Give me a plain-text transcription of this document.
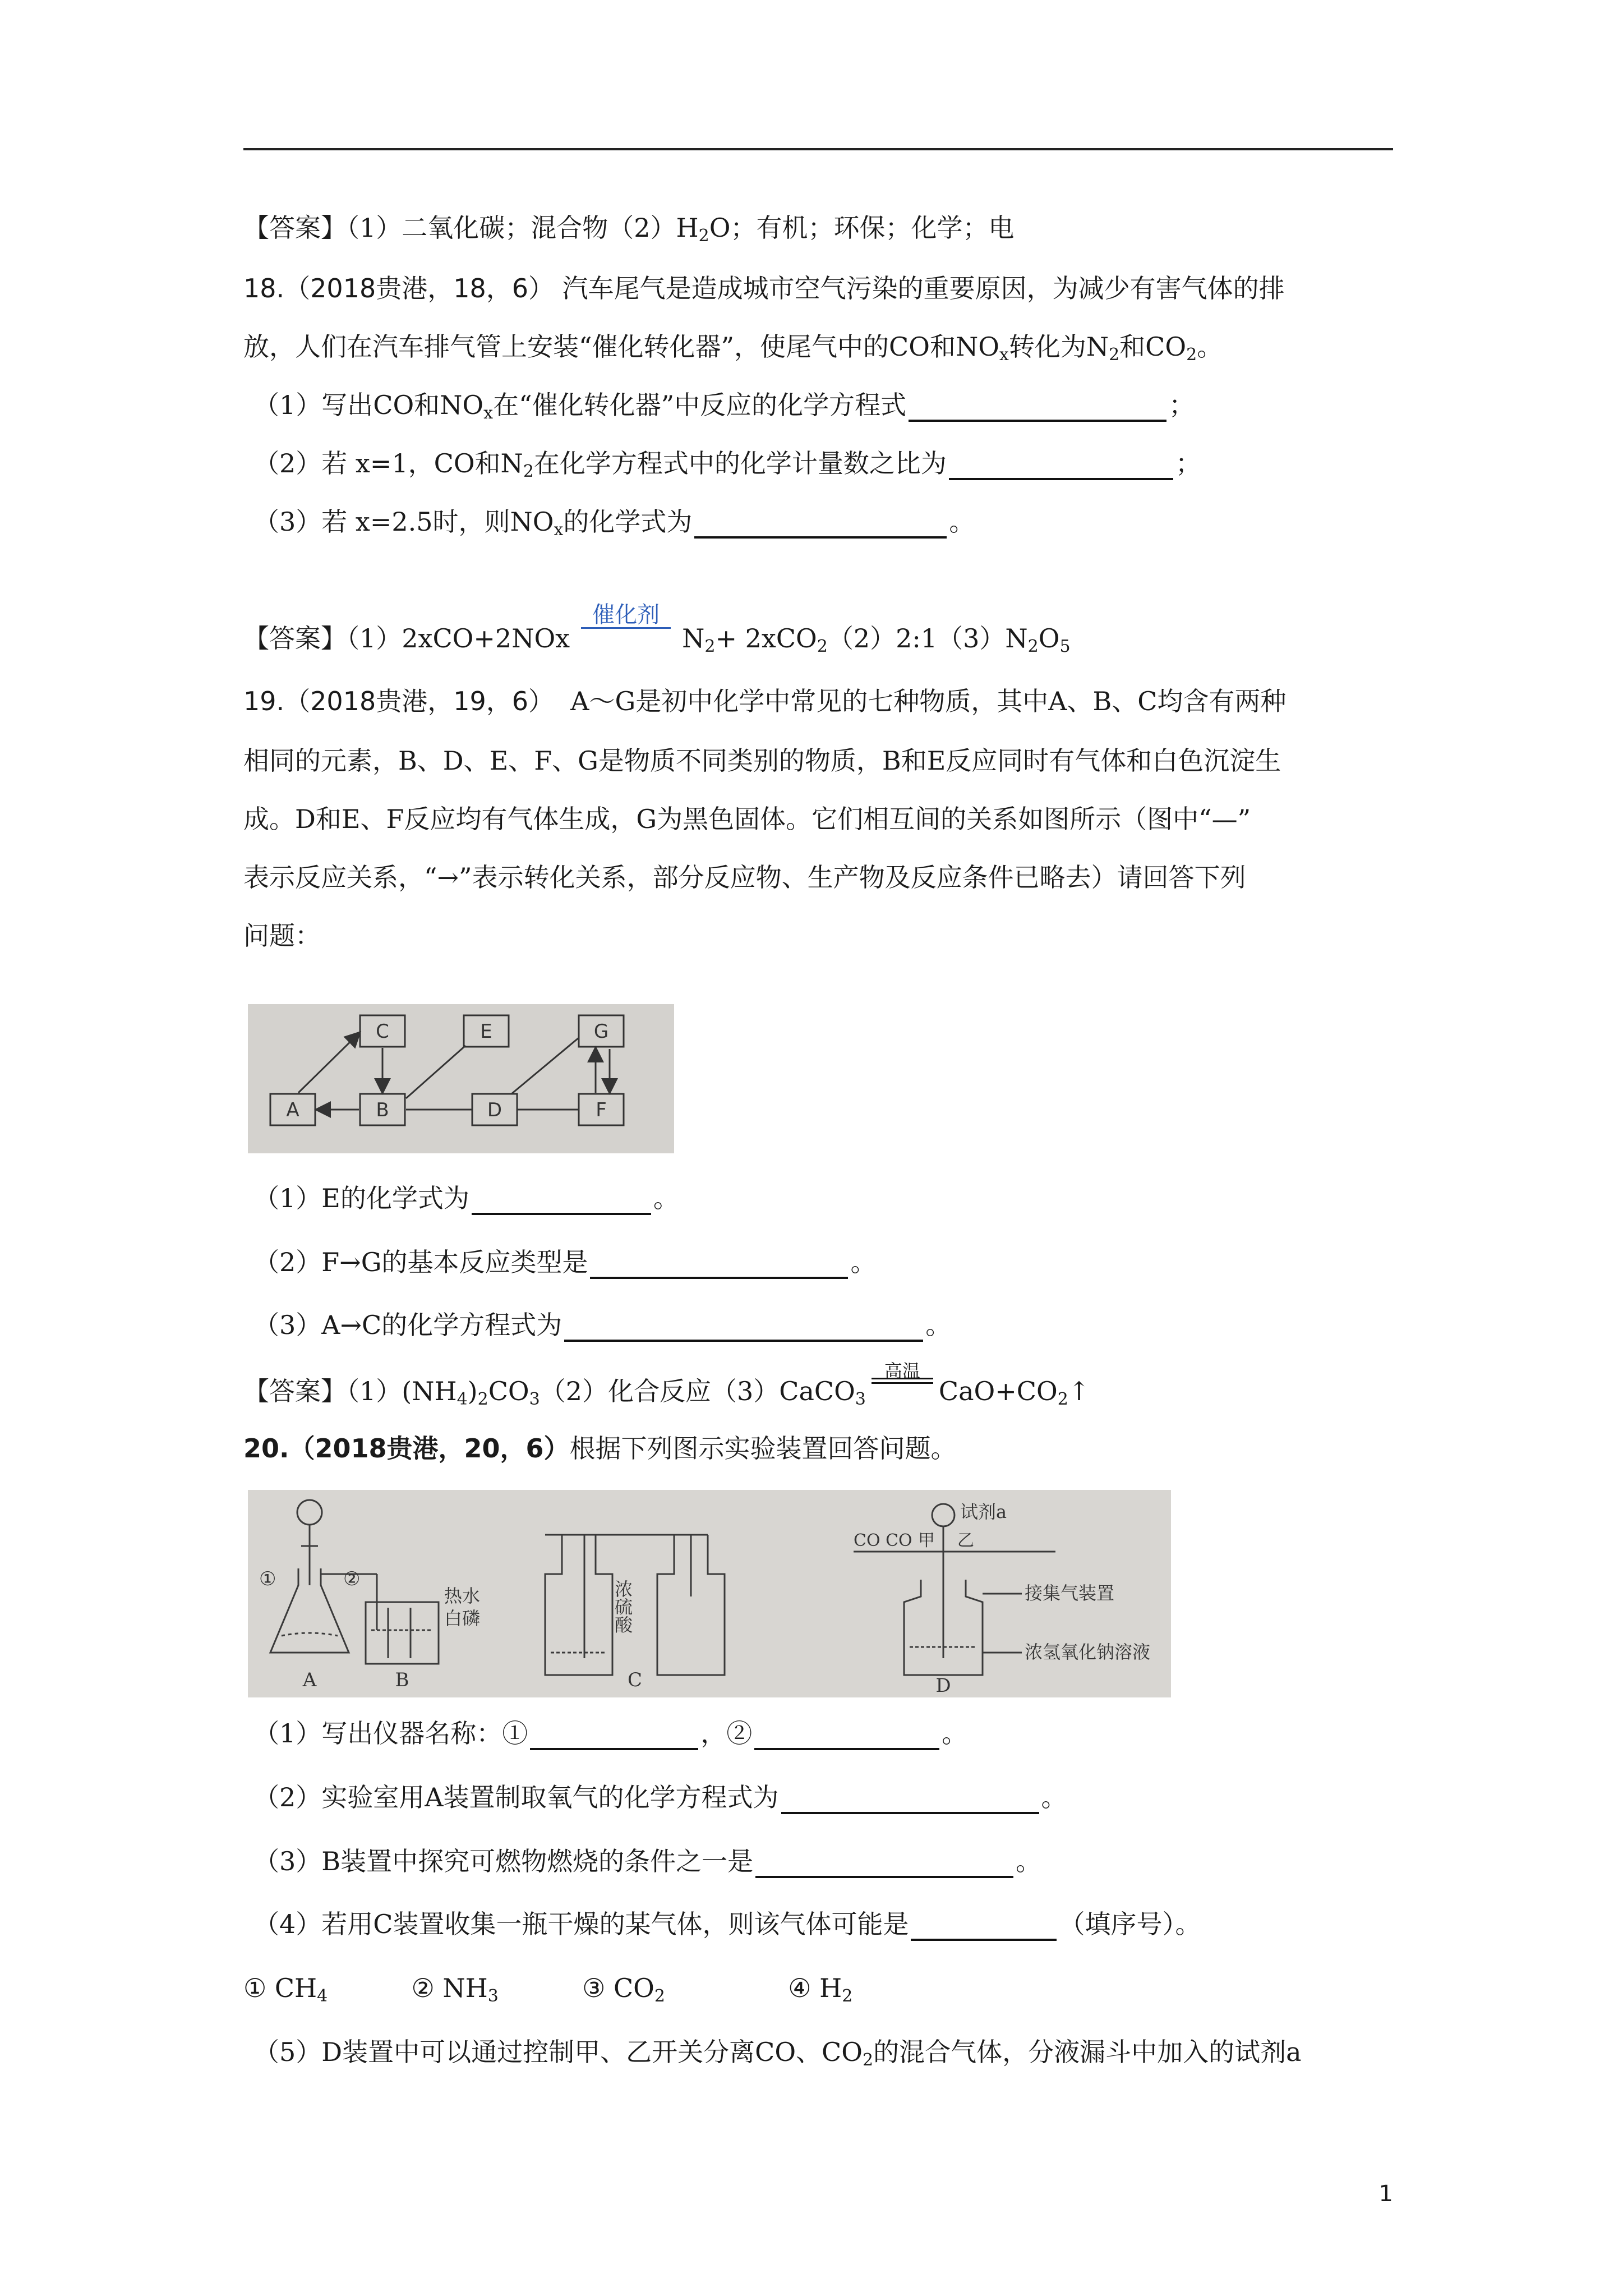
【答案】（1）二氧化碳；混合物$(2)H_2O$；有机；环保；化学；电
18.（2018贵港，18，6） 汽车尾气是造成城市空气污染的重要原因，为减少有害气体的排
放，人们在汽车排气管上安装“催化转化器”，使尾气中的CO和$NO_x$转化为$N_2$和$CO_2$。
（1）写出CO和$NO_x$在“催化转化器”中反应的化学方程式	；
（2）若 x=1，CO和$N_2$在化学方程式中的化学计量数之比为	；
（3）若 x=2.5时，则$NO_x$的化学式为	。
【答案】（1）2xCO+2NOx
催化剂
$N_2+$ $2xCO_2(2)2:1(3)N_2O_5$
19.（2018贵港，19，6） A～G是初中化学中常见的七种物质，其中A、B、C均含有两种
相同的元素，B、D、E、F、G是物质不同类别的物质，B和E反应同时有气体和白色沉淀生
成。D和E、F反应均有气体生成，G为黑色固体。它们相互间的关系如图所示（图中“—”
表示反应关系，“→”表示转化关系，部分反应物、生产物及反应条件已略去）请回答下列
问题：
C	E	G
A	B	D	F
（1）E的化学式为	。
（2）F→G的基本反应类型是	。
（3）A→C的化学方程式为	。
【答案】$(1)(NH_4)_2CO_3(2)$化合反应（3）CaCO$_3$
高温
$CaO+CO_2↑$
20.（2018贵港，20，6）根据下列图示实验装置回答问题。
A	B	C	D
①	②
热水
白磷	浓硫酸
试剂a
CO CO 甲 乙
接集气装置
浓氢氧化钠溶液
（1）写出仪器名称：①	，②	。
（2）实验室用A装置制取氧气的化学方程式为	。
（3）B装置中探究可燃物燃烧的条件之一是	。
（4）若用C装置收集一瓶干燥的某气体，则该气体可能是	（填序号）。
① $CH_4$	② $NH_3$	③ $CO_2$	④ $H_2$
（5）D装置中可以通过控制甲、乙开关分离CO、$CO_2$的混合气体，分液漏斗中加入的试剂a
1
